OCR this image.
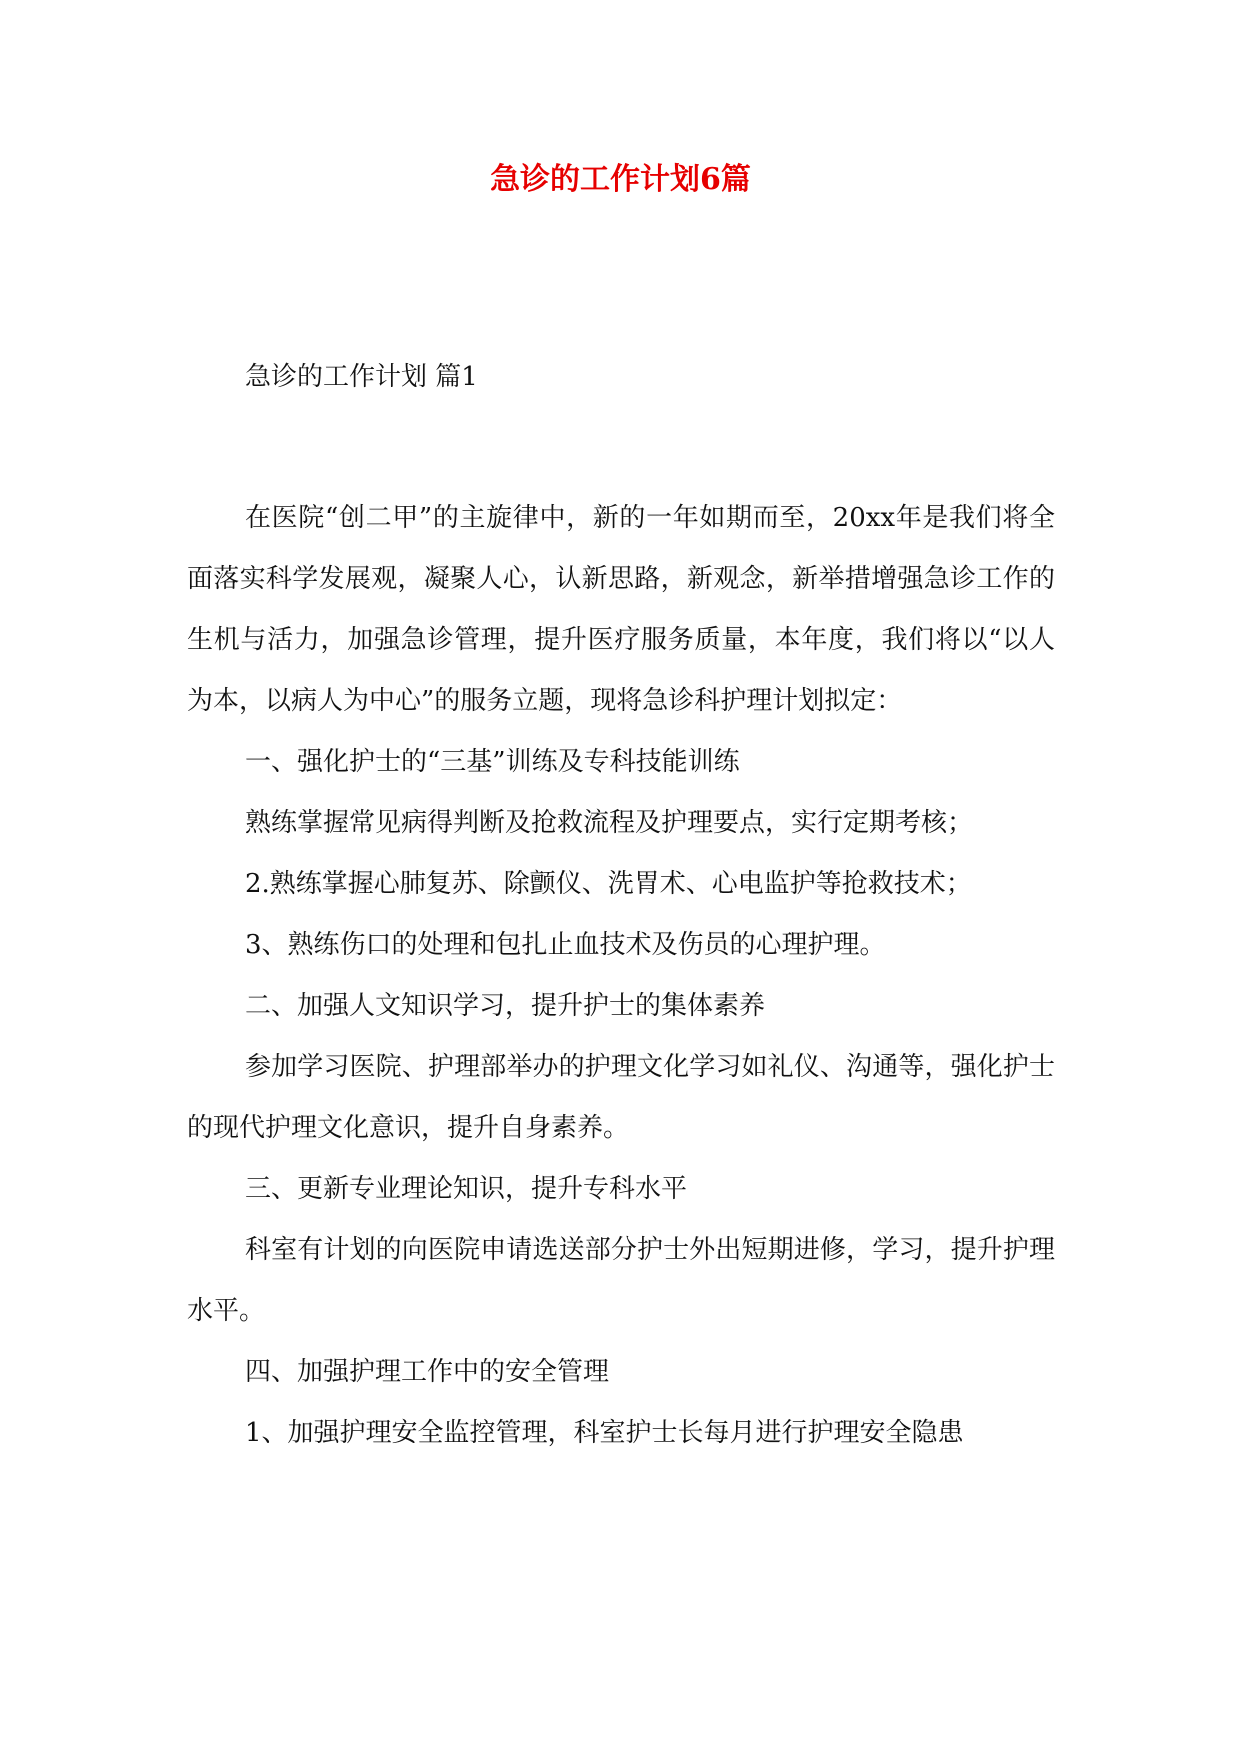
急诊的工作计划6篇
急诊的工作计划 篇1

在医院“创二甲”的主旋律中，新的一年如期而至，20xx年是我们将全面落实科学发展观，凝聚人心，认新思路，新观念，新举措增强急诊工作的生机与活力，加强急诊管理，提升医疗服务质量，本年度，我们将以“以人为本，以病人为中心”的服务立题，现将急诊科护理计划拟定：

一、强化护士的“三基”训练及专科技能训练

熟练掌握常见病得判断及抢救流程及护理要点，实行定期考核；

2.熟练掌握心肺复苏、除颤仪、洗胃术、心电监护等抢救技术；

3、熟练伤口的处理和包扎止血技术及伤员的心理护理。

二、加强人文知识学习，提升护士的集体素养

参加学习医院、护理部举办的护理文化学习如礼仪、沟通等，强化护士的现代护理文化意识，提升自身素养。

三、更新专业理论知识，提升专科水平

科室有计划的向医院申请选送部分护士外出短期进修，学习，提升护理水平。

四、加强护理工作中的安全管理

1、加强护理安全监控管理，科室护士长每月进行护理安全隐患
